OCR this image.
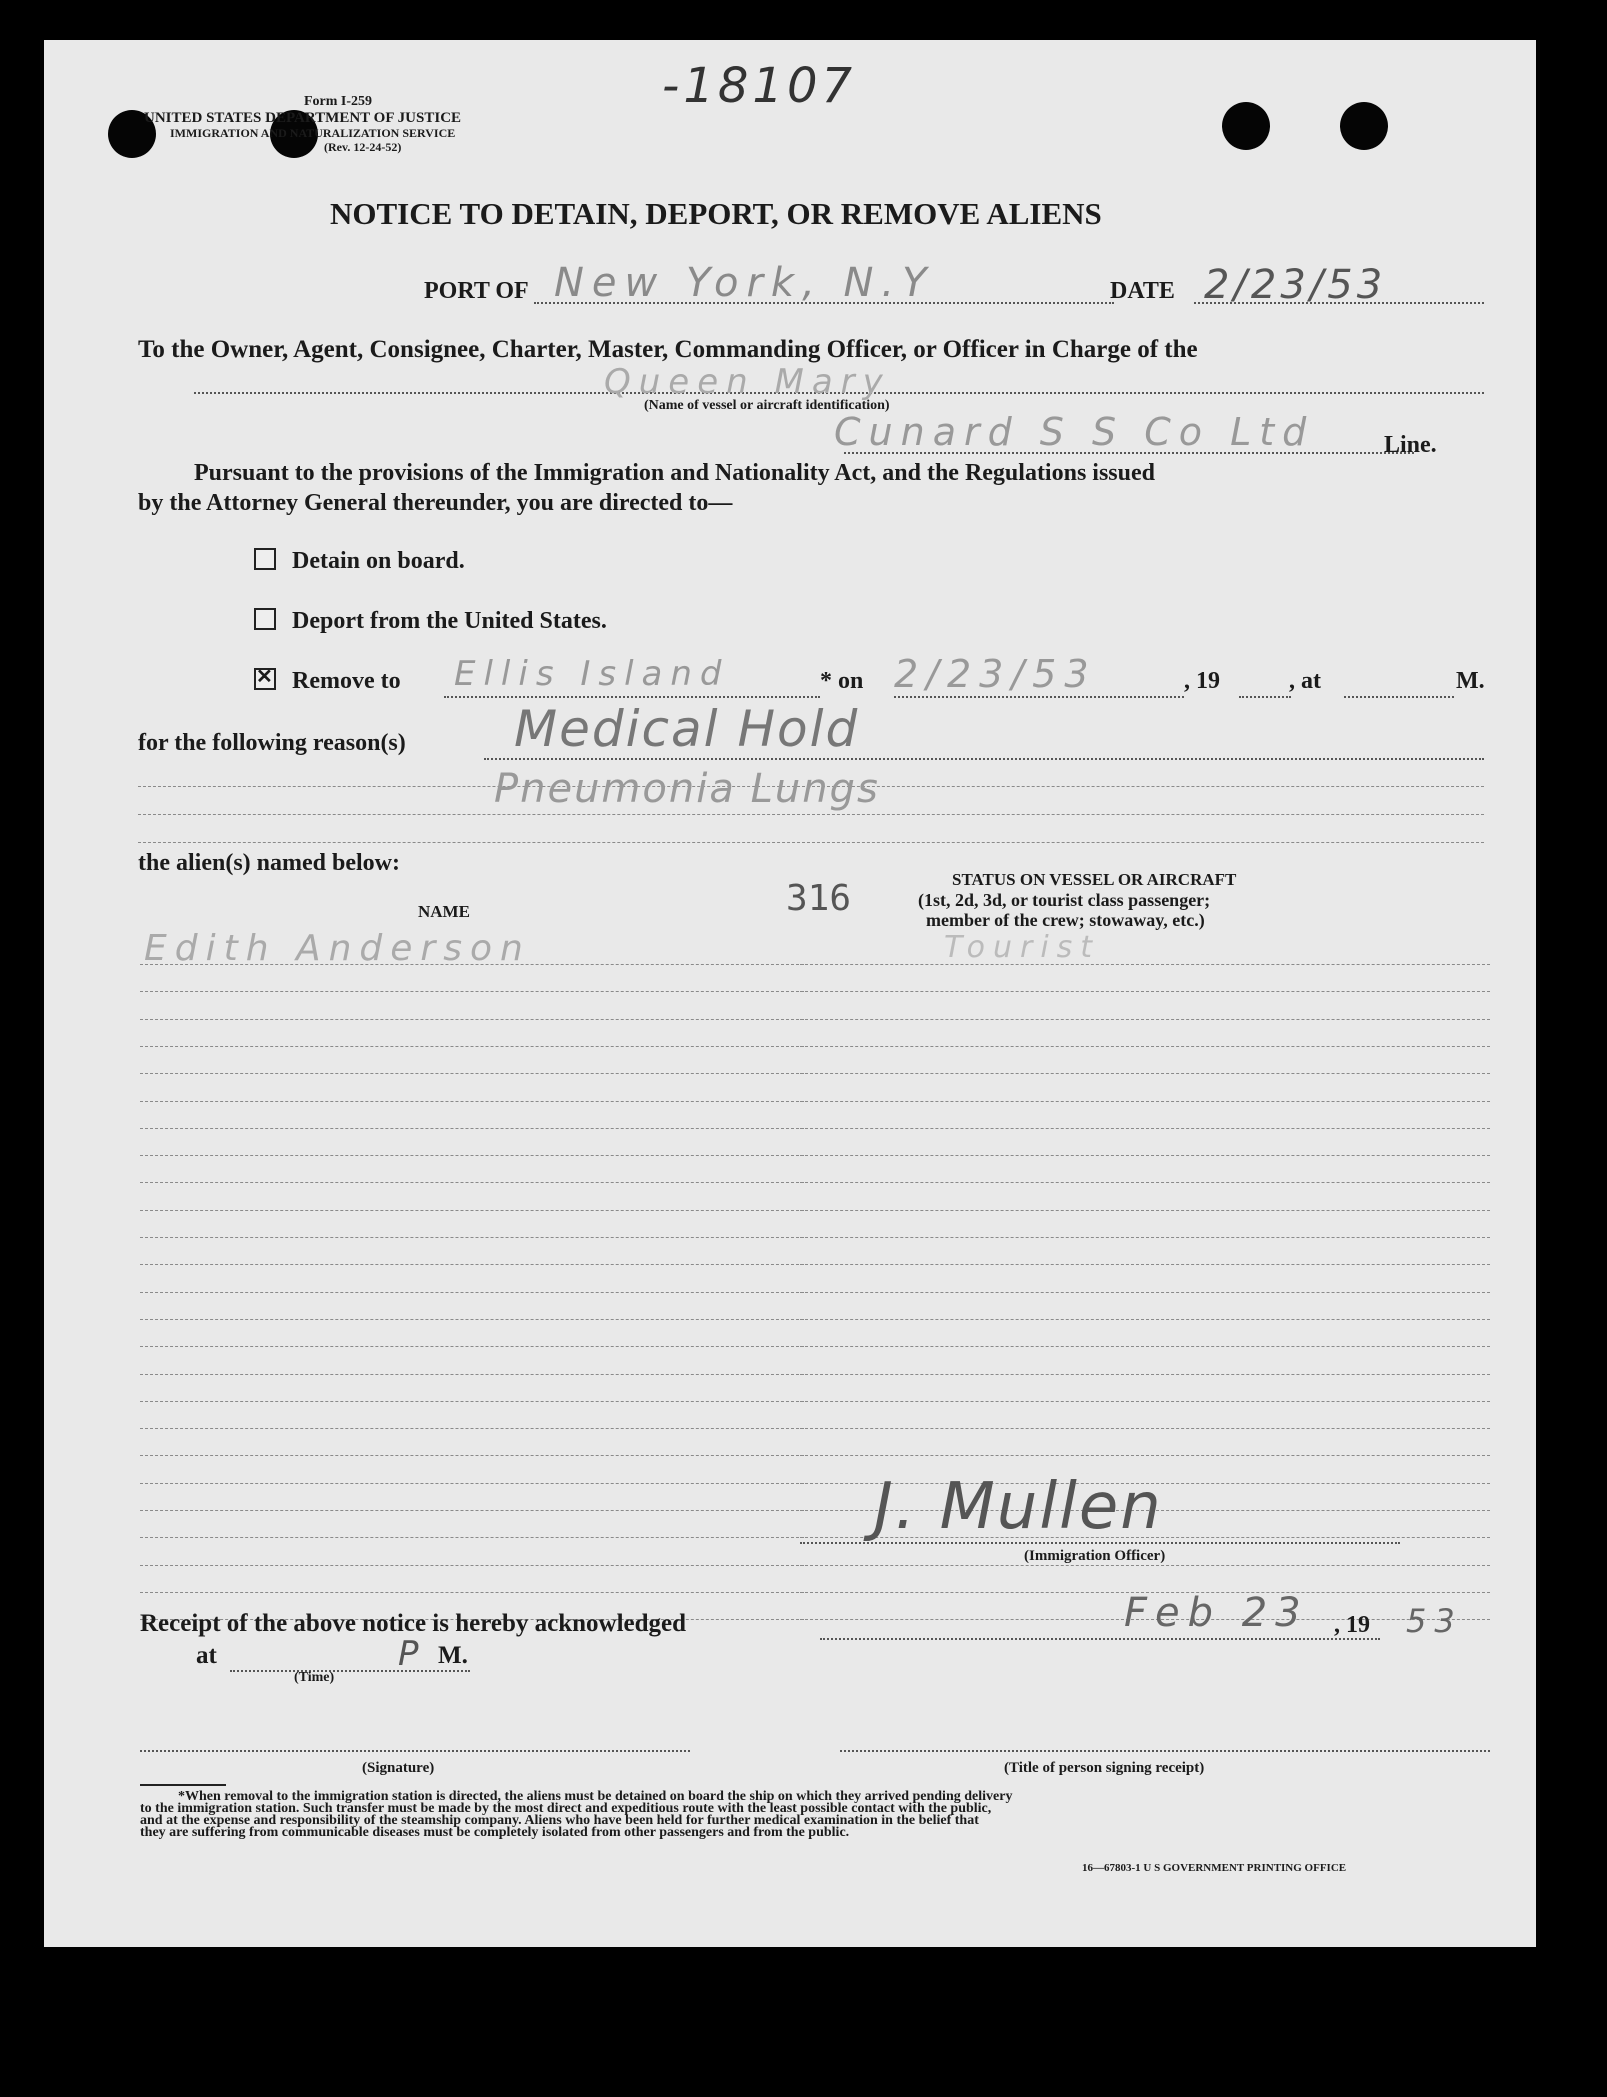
-18107
Form I-259
UNITED STATES DEPARTMENT OF JUSTICE
IMMIGRATION AND NATURALIZATION SERVICE
(Rev. 12-24-52)
NOTICE TO DETAIN, DEPORT, OR REMOVE ALIENS
PORT OF New York, N.Y	DATE 2/23/53
To the Owner, Agent, Consignee, Charter, Master, Commanding Officer, or Officer in Charge of the
Queen Mary
(Name of vessel or aircraft identification)
Cunard S S Co Ltd	Line.
Pursuant to the provisions of the Immigration and Nationality Act, and the Regulations issued
by the Attorney General thereunder, you are directed to—
Detain on board.
Deport from the United States.
✕ Remove to Ellis Island	* on 2/23/53	, 19	, at	M.
for the following reason(s) Medical Hold
Pneumonia Lungs
the alien(s) named below:
NAME	316	STATUS ON VESSEL OR AIRCRAFT
(1st, 2d, 3d, or tourist class passenger;
member of the crew; stowaway, etc.)
Edith Anderson	Tourist
J. Mullen
(Immigration Officer)
Receipt of the above notice is hereby acknowledged	Feb 23 , 19 53
at	P M.
(Time)
(Signature)	(Title of person signing receipt)
*When removal to the immigration station is directed, the aliens must be detained on board the ship on which they arrived pending delivery
to the immigration station. Such transfer must be made by the most direct and expeditious route with the least possible contact with the public,
and at the expense and responsibility of the steamship company. Aliens who have been held for further medical examination in the belief that
they are suffering from communicable diseases must be completely isolated from other passengers and from the public.
16—67803-1 U S GOVERNMENT PRINTING OFFICE
